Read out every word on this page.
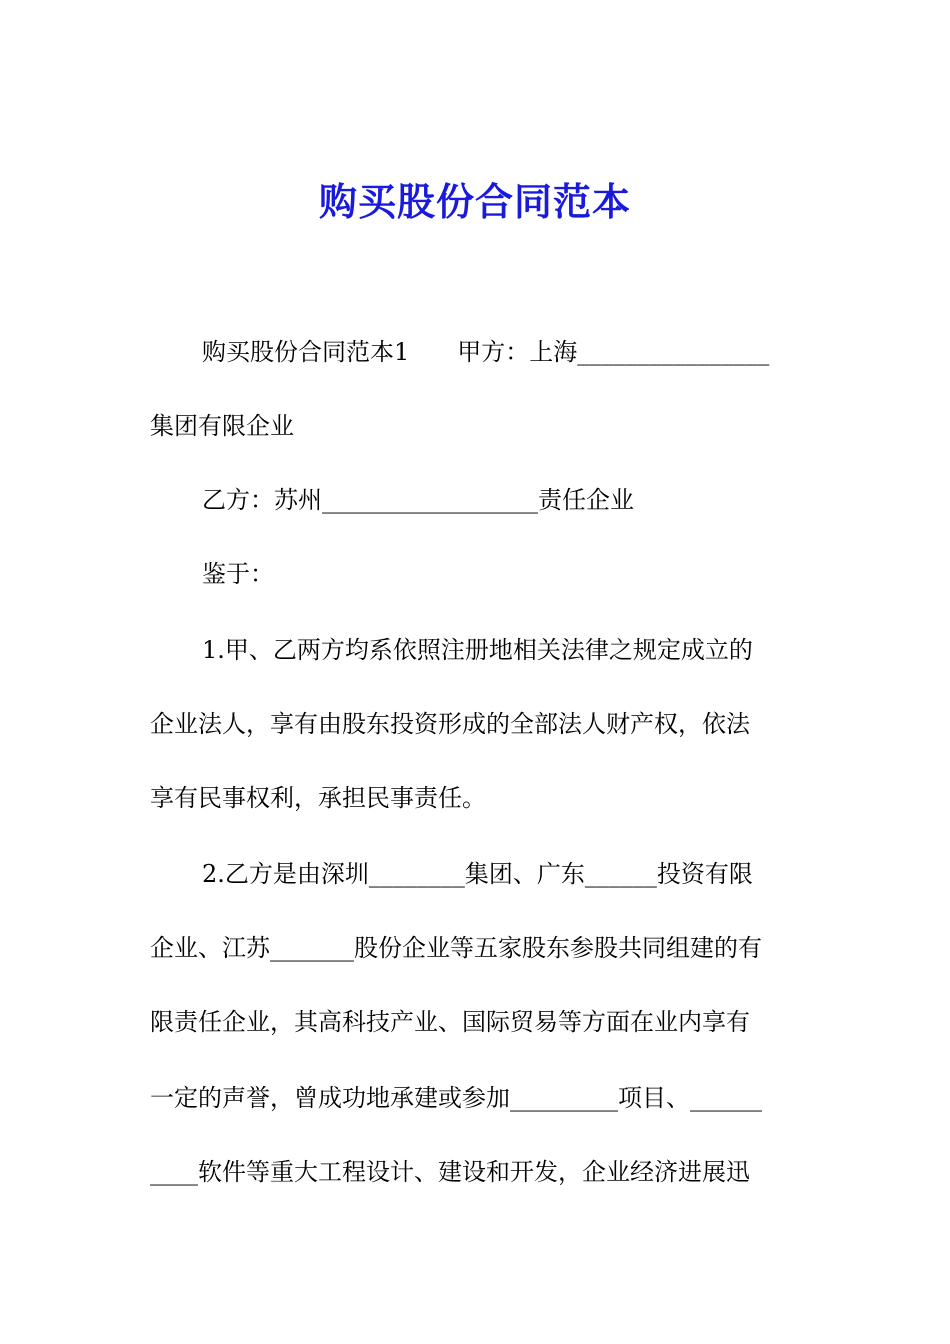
购买股份合同范本
购买股份合同范本1　　甲方：上海________________
集团有限企业
乙方：苏州__________________责任企业
鉴于：
1.甲、乙两方均系依照注册地相关法律之规定成立的
企业法人，享有由股东投资形成的全部法人财产权，依法
享有民事权利，承担民事责任。
2.乙方是由深圳________集团、广东______投资有限
企业、江苏_______股份企业等五家股东参股共同组建的有
限责任企业，其高科技产业、国际贸易等方面在业内享有
一定的声誉，曾成功地承建或参加_________项目、______
____软件等重大工程设计、建设和开发，企业经济进展迅
